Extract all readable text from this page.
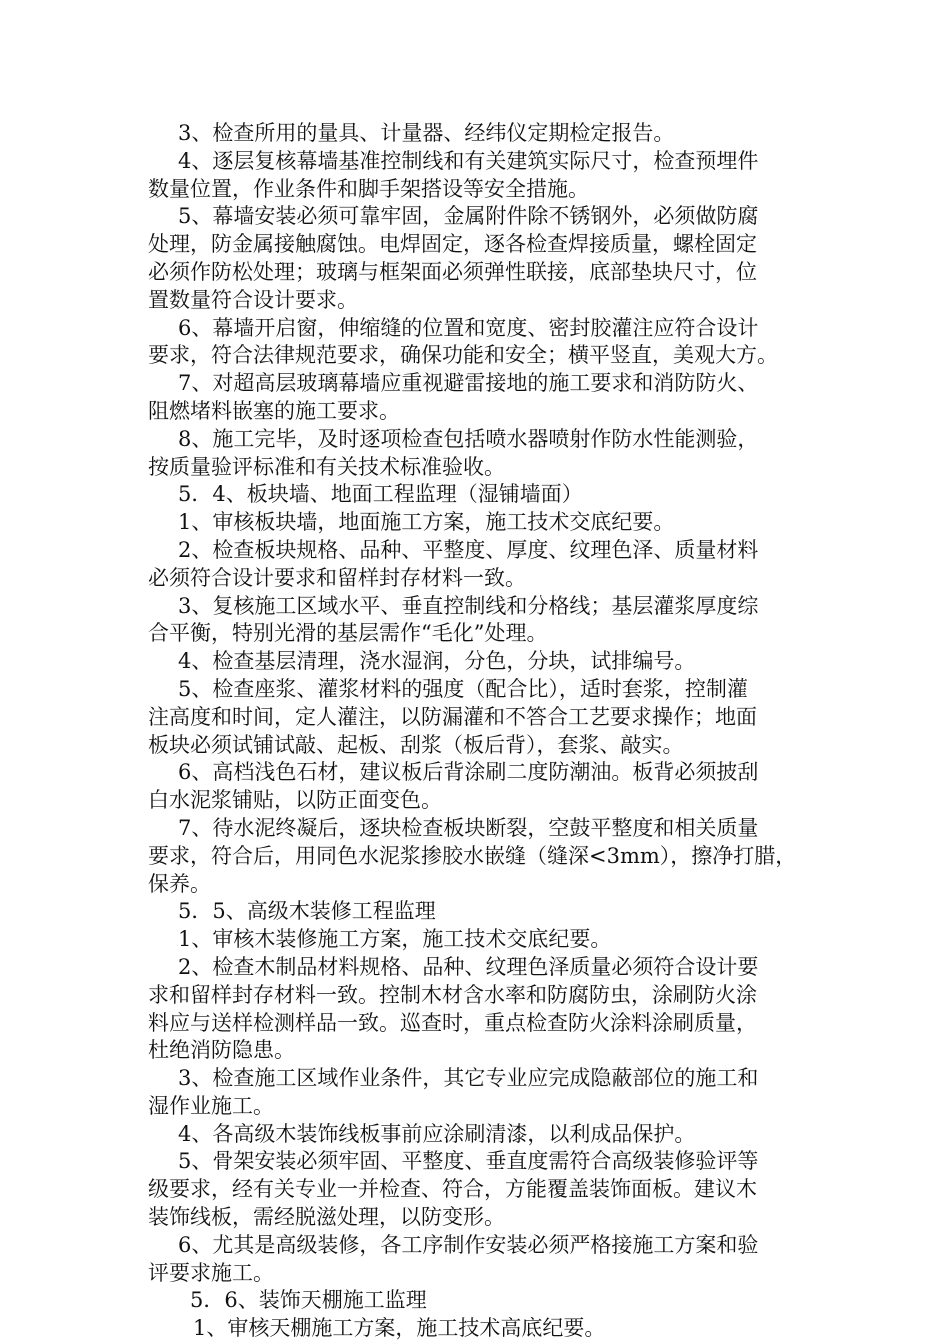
3、检查所用的量具、计量器、经纬仪定期检定报告。
4、逐层复核幕墙基准控制线和有关建筑实际尺寸，检查预埋件
数量位置，作业条件和脚手架搭设等安全措施。
5、幕墙安装必须可靠牢固，金属附件除不锈钢外，必须做防腐
处理，防金属接触腐蚀。电焊固定，逐各检查焊接质量，螺栓固定
必须作防松处理；玻璃与框架面必须弹性联接，底部垫块尺寸，位
置数量符合设计要求。
6、幕墙开启窗，伸缩缝的位置和宽度、密封胶灌注应符合设计
要求，符合法律规范要求，确保功能和安全；横平竖直，美观大方。
7、对超高层玻璃幕墙应重视避雷接地的施工要求和消防防火、
阻燃堵料嵌塞的施工要求。
8、施工完毕，及时逐项检查包括喷水器喷射作防水性能测验，
按质量验评标准和有关技术标准验收。
5．4、板块墙、地面工程监理（湿铺墙面）
1、审核板块墙，地面施工方案，施工技术交底纪要。
2、检查板块规格、品种、平整度、厚度、纹理色泽、质量材料
必须符合设计要求和留样封存材料一致。
3、复核施工区域水平、垂直控制线和分格线；基层灌浆厚度综
合平衡，特别光滑的基层需作“毛化”处理。
4、检查基层清理，浇水湿润，分色，分块，试排编号。
5、检查座浆、灌浆材料的强度（配合比），适时套浆，控制灌
注高度和时间，定人灌注，以防漏灌和不答合工艺要求操作；地面
板块必须试铺试敲、起板、刮浆（板后背），套浆、敲实。
6、高档浅色石材，建议板后背涂刷二度防潮油。板背必须披刮
白水泥浆铺贴，以防正面变色。
7、待水泥终凝后，逐块检查板块断裂，空鼓平整度和相关质量
要求，符合后，用同色水泥浆掺胶水嵌缝（缝深<3mm），擦净打腊，
保养。
5．5、高级木装修工程监理
1、审核木装修施工方案，施工技术交底纪要。
2、检查木制品材料规格、品种、纹理色泽质量必须符合设计要
求和留样封存材料一致。控制木材含水率和防腐防虫，涂刷防火涂
料应与送样检测样品一致。巡查时，重点检查防火涂料涂刷质量，
杜绝消防隐患。
3、检查施工区域作业条件，其它专业应完成隐蔽部位的施工和
湿作业施工。
4、各高级木装饰线板事前应涂刷清漆，以利成品保护。
5、骨架安装必须牢固、平整度、垂直度需符合高级装修验评等
级要求，经有关专业一并检查、符合，方能覆盖装饰面板。建议木
装饰线板，需经脱滋处理，以防变形。
6、尤其是高级装修，各工序制作安装必须严格接施工方案和验
评要求施工。
5．6、装饰天棚施工监理
1、审核天棚施工方案，施工技术高底纪要。
